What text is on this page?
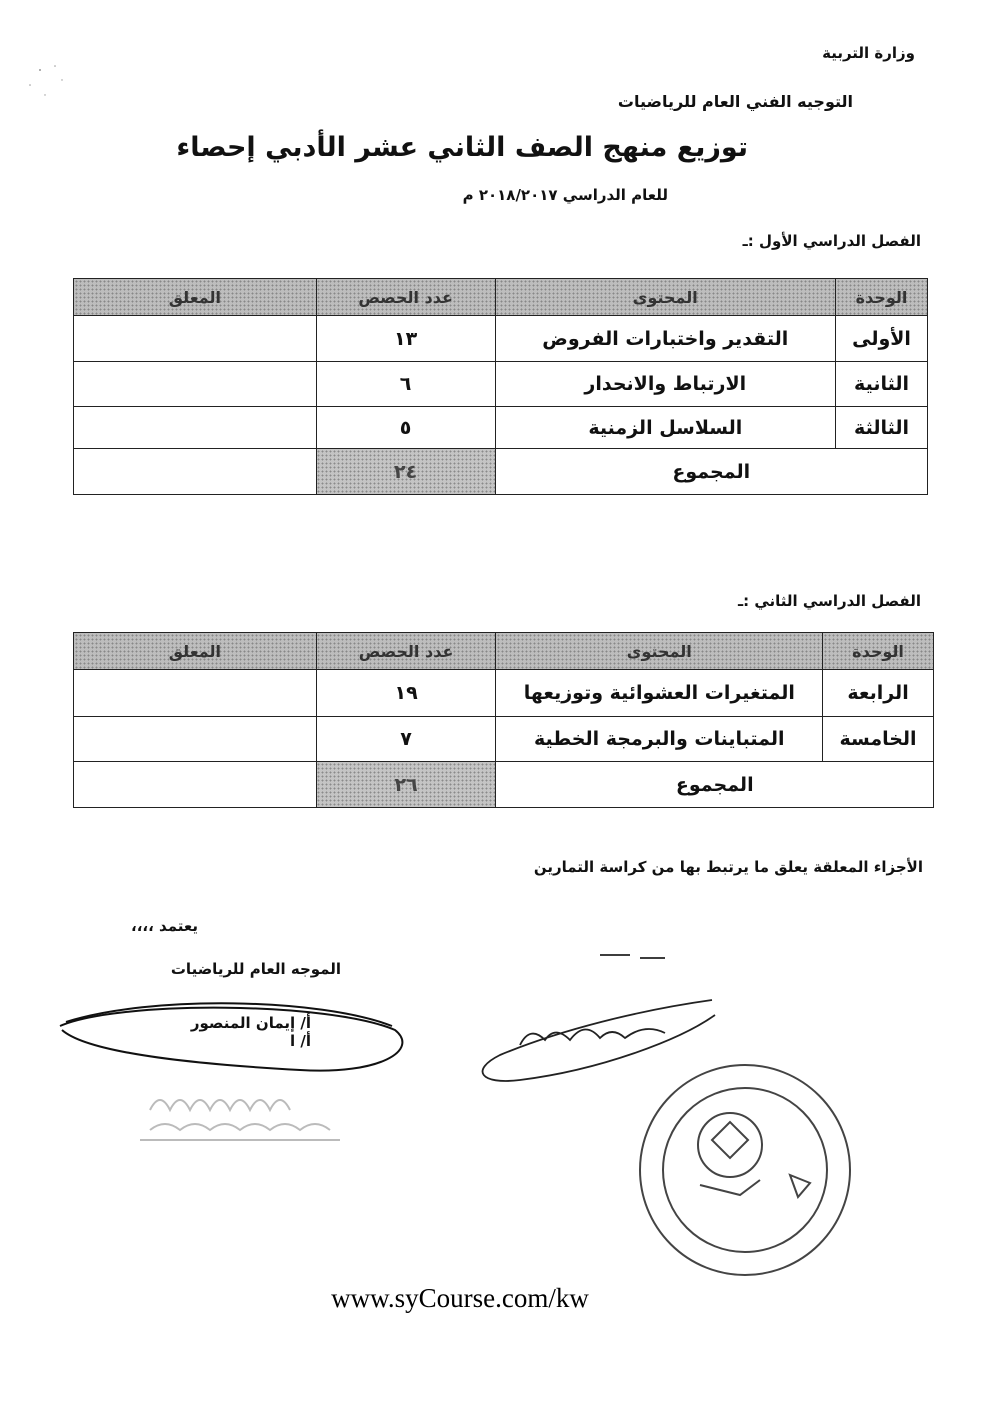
وزارة التربية
التوجيه الفني العام للرياضيات
توزيع منهج الصف الثاني عشر الأدبي إحصاء
للعام الدراسي ٢٠١٨/٢٠١٧ م
الفصل الدراسي الأول :ـ
الوحدة	المحتوى	عدد الحصص	المعلق
الأولى	التقدير واختبارات الفروض	١٣	
الثانية	الارتباط والانحدار	٦	
الثالثة	السلاسل الزمنية	٥	
المجموع		٢٤	
الفصل الدراسي الثاني :ـ
الوحدة	المحتوى	عدد الحصص	المعلق
الرابعة	المتغيرات العشوائية وتوزيعها	١٩	
الخامسة	المتباينات والبرمجة الخطية	٧	
المجموع		٢٦	
الأجزاء المعلقة يعلق ما يرتبط بها من كراسة التمارين
يعتمد ،،،،
الموجه العام للرياضيات
أ/ إيمان المنصور
أ/ ا
www.syCourse.com/kw
